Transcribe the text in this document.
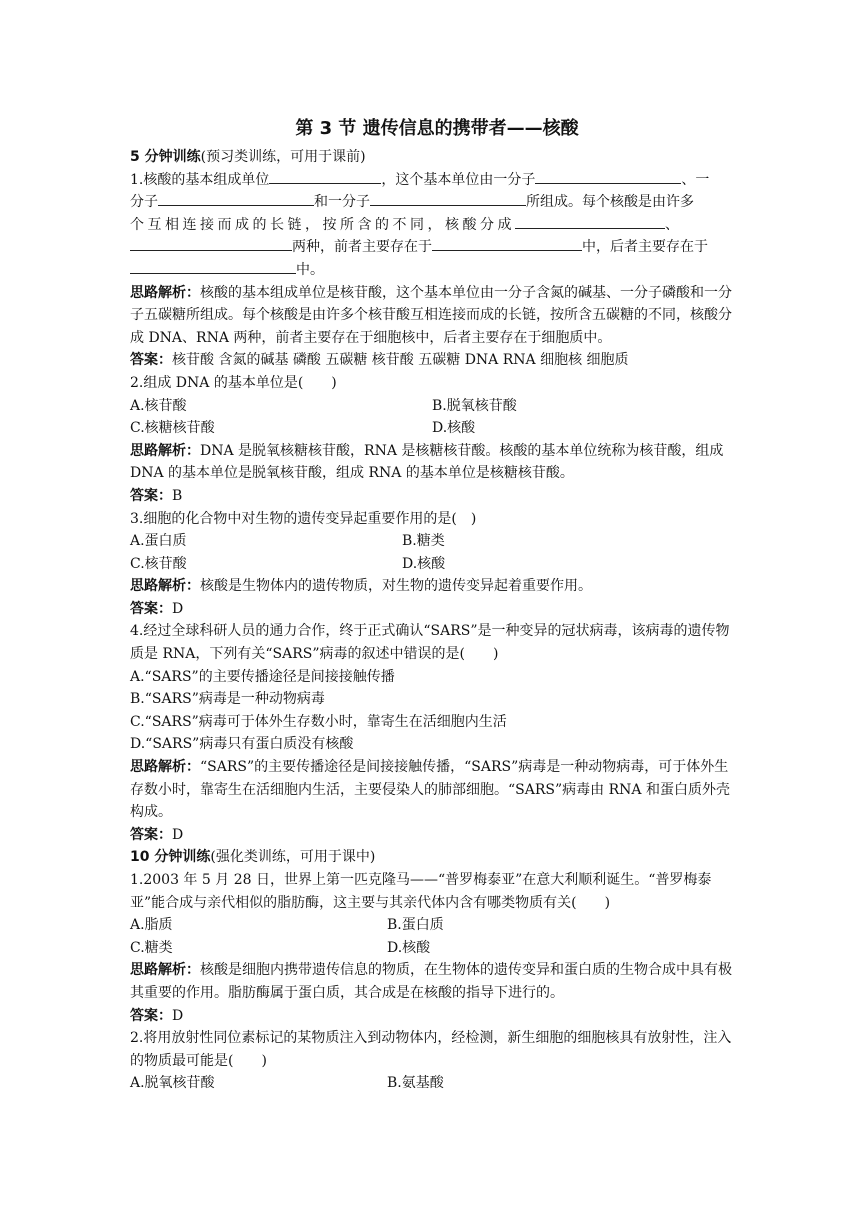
第 3 节 遗传信息的携带者——核酸
5 分钟训练(预习类训练，可用于课前)
1.核酸的基本组成单位	，这个基本单位由一分子	、一
分子	和一分子	所组成。每个核酸是由许多
个互相连接而成的长链，按所含的不同，核酸分成	、
两种，前者主要存在于	中，后者主要存在于
中。
思路解析：核酸的基本组成单位是核苷酸，这个基本单位由一分子含氮的碱基、一分子磷酸和一分子五碳糖所组成。每个核酸是由许多个核苷酸互相连接而成的长链，按所含五碳糖的不同，核酸分成 DNA、RNA 两种，前者主要存在于细胞核中，后者主要存在于细胞质中。
答案：核苷酸 含氮的碱基 磷酸 五碳糖 核苷酸 五碳糖 DNA RNA 细胞核 细胞质
2.组成 DNA 的基本单位是(　　)
A.核苷酸	B.脱氧核苷酸
C.核糖核苷酸	D.核酸
思路解析：DNA 是脱氧核糖核苷酸，RNA 是核糖核苷酸。核酸的基本单位统称为核苷酸，组成 DNA 的基本单位是脱氧核苷酸，组成 RNA 的基本单位是核糖核苷酸。
答案：B
3.细胞的化合物中对生物的遗传变异起重要作用的是(　)
A.蛋白质	B.糖类
C.核苷酸	D.核酸
思路解析：核酸是生物体内的遗传物质，对生物的遗传变异起着重要作用。
答案：D
4.经过全球科研人员的通力合作，终于正式确认“SARS”是一种变异的冠状病毒，该病毒的遗传物质是 RNA，下列有关“SARS”病毒的叙述中错误的是(　　)
A.“SARS”的主要传播途径是间接接触传播
B.“SARS”病毒是一种动物病毒
C.“SARS”病毒可于体外生存数小时，靠寄生在活细胞内生活
D.“SARS”病毒只有蛋白质没有核酸
思路解析：“SARS”的主要传播途径是间接接触传播，“SARS”病毒是一种动物病毒，可于体外生存数小时，靠寄生在活细胞内生活，主要侵染人的肺部细胞。“SARS”病毒由 RNA 和蛋白质外壳构成。
答案：D
10 分钟训练(强化类训练，可用于课中)
1.2003 年 5 月 28 日，世界上第一匹克隆马——“普罗梅泰亚”在意大利顺利诞生。“普罗梅泰亚”能合成与亲代相似的脂肪酶，这主要与其亲代体内含有哪类物质有关(　　)
A.脂质	B.蛋白质
C.糖类	D.核酸
思路解析：核酸是细胞内携带遗传信息的物质，在生物体的遗传变异和蛋白质的生物合成中具有极其重要的作用。脂肪酶属于蛋白质，其合成是在核酸的指导下进行的。
答案：D
2.将用放射性同位素标记的某物质注入到动物体内，经检测，新生细胞的细胞核具有放射性，注入的物质最可能是(　　)
A.脱氧核苷酸	B.氨基酸
